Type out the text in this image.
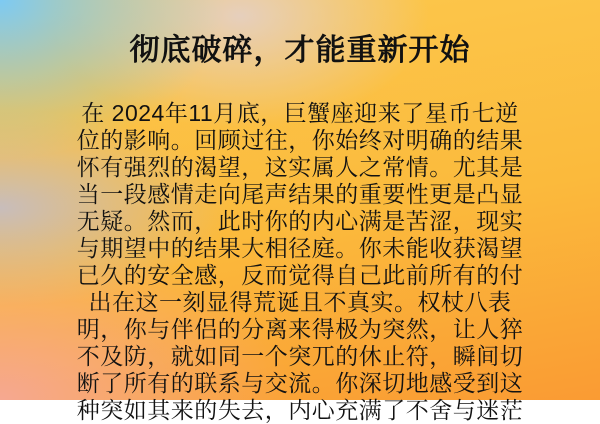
彻底破碎，才能重新开始
在 2024年11月底，巨蟹座迎来了星币七逆
位的影响。回顾过往，你始终对明确的结果
怀有强烈的渴望，这实属人之常情。尤其是
当一段感情走向尾声结果的重要性更是凸显
无疑。然而，此时你的内心满是苦涩，现实
与期望中的结果大相径庭。你未能收获渴望
已久的安全感，反而觉得自己此前所有的付
出在这一刻显得荒诞且不真实。权杖八表
明，你与伴侣的分离来得极为突然，让人猝
不及防，就如同一个突兀的休止符，瞬间切
断了所有的联系与交流。你深切地感受到这
种突如其来的失去，内心充满了不舍与迷茫
